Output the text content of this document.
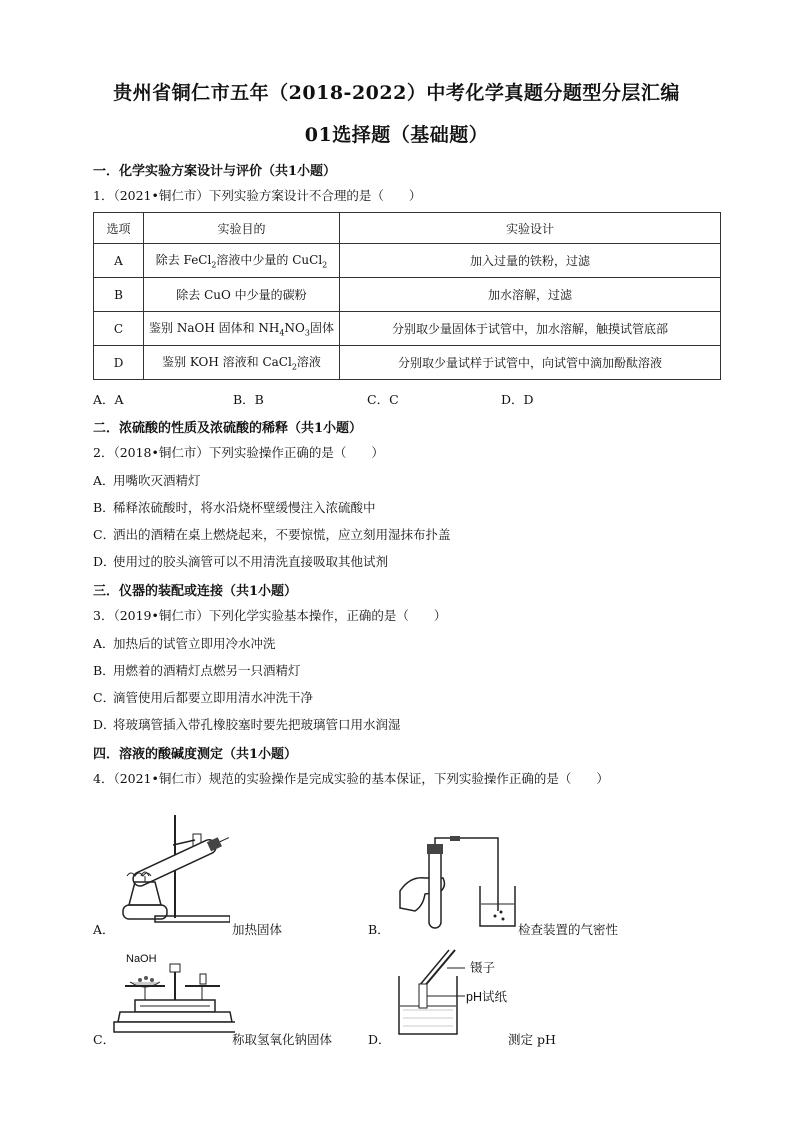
贵州省铜仁市五年（2018-2022）中考化学真题分题型分层汇编
01选择题（基础题）
一．化学实验方案设计与评价（共1小题）
1．（2021•铜仁市）下列实验方案设计不合理的是（　　）
选项	实验目的	实验设计
A	除去 FeCl$_2$溶液中少量的 CuCl$_2$	加入过量的铁粉，过滤
B	除去 CuO 中少量的碳粉	加水溶解，过滤
C	鉴别 NaOH 固体和 $NH_4NO_3$固体	分别取少量固体于试管中，加水溶解，触摸试管底部
D	鉴别 KOH 溶液和 CaCl$_2$溶液	分别取少量试样于试管中，向试管中滴加酚酞溶液
A．A	B．B	C．C	D．D
二．浓硫酸的性质及浓硫酸的稀释（共1小题）
2．（2018•铜仁市）下列实验操作正确的是（　　）
A．用嘴吹灭酒精灯
B．稀释浓硫酸时，将水沿烧杯壁缓慢注入浓硫酸中
C．洒出的酒精在桌上燃烧起来，不要惊慌，应立刻用湿抹布扑盖
D．使用过的胶头滴管可以不用清洗直接吸取其他试剂
三．仪器的装配或连接（共1小题）
3．（2019•铜仁市）下列化学实验基本操作，正确的是（　　）
A．加热后的试管立即用冷水冲洗
B．用燃着的酒精灯点燃另一只酒精灯
C．滴管使用后都要立即用清水冲洗干净
D．将玻璃管插入带孔橡胶塞时要先把玻璃管口用水润湿
四．溶液的酸碱度测定（共1小题）
4．（2021•铜仁市）规范的实验操作是完成实验的基本保证，下列实验操作正确的是（　　）
A．	加热固体	B．	检查装置的气密性
NaOH
C．	称取氢氧化钠固体
镊子
pH试纸
D．	测定 pH
